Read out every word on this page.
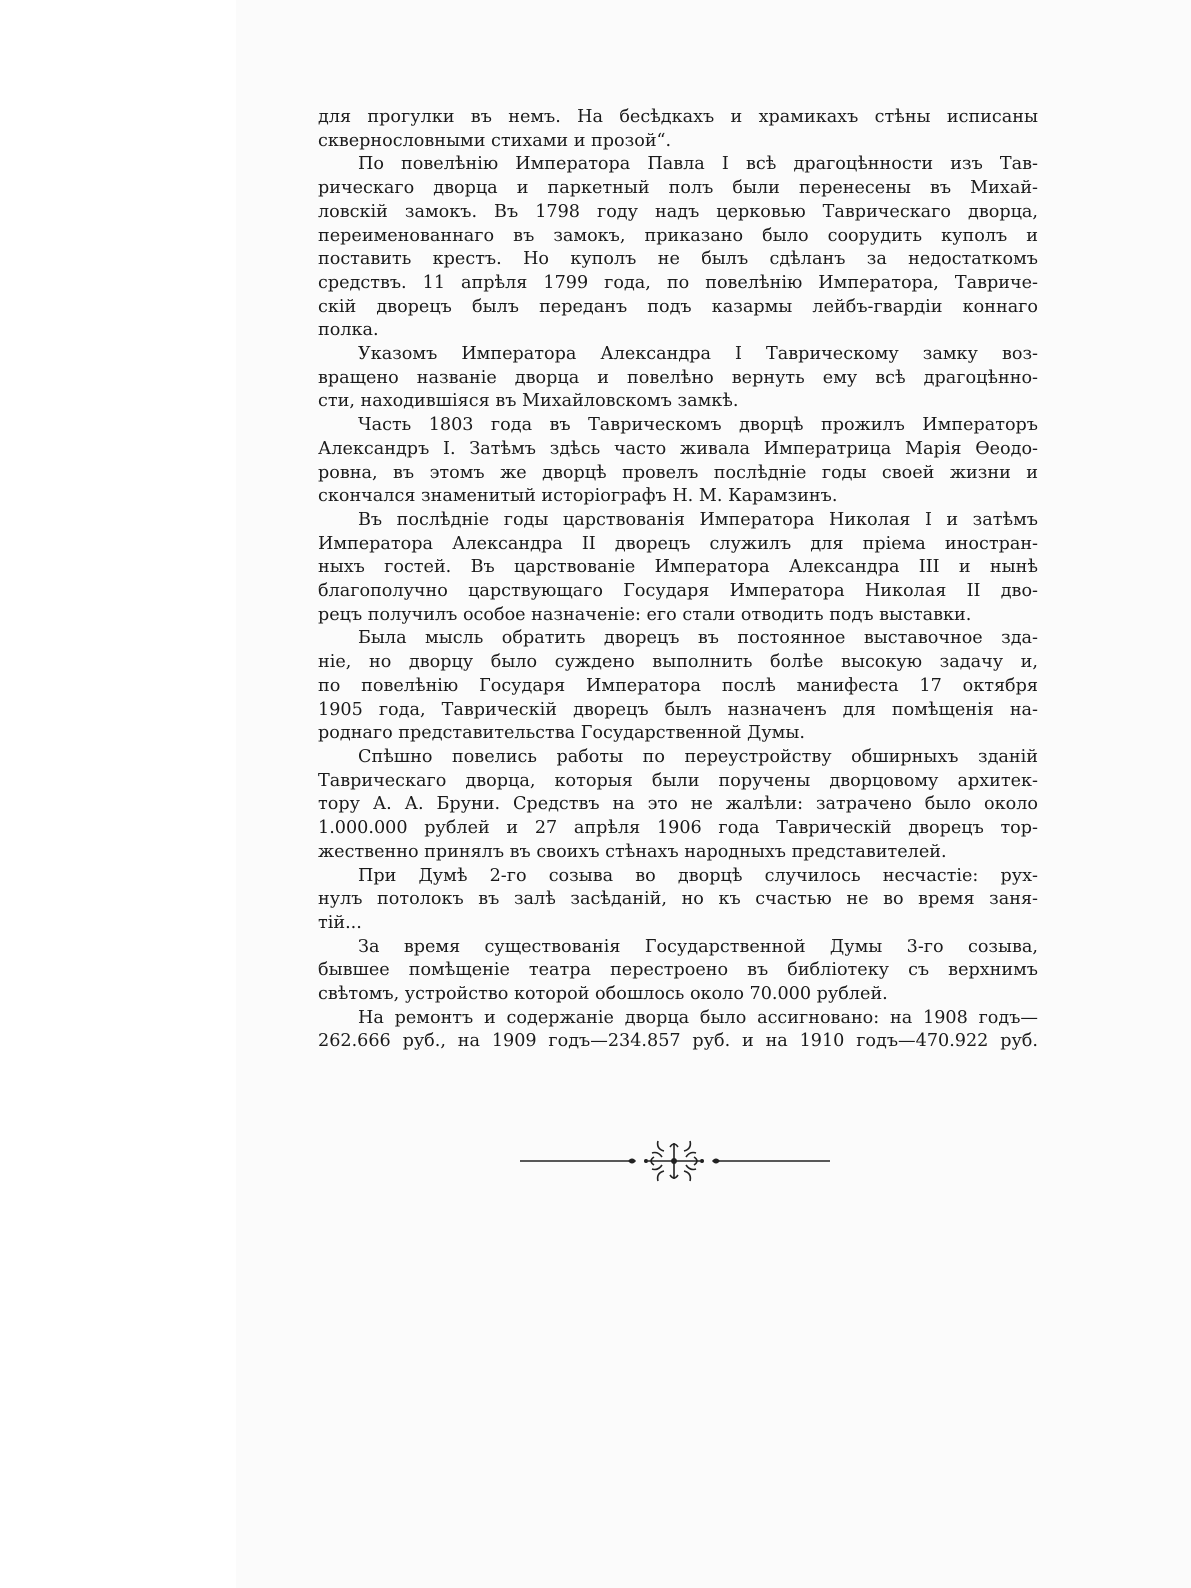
для прогулки въ немъ. На бесѣдкахъ и храмикахъ стѣны исписаны
сквернословными стихами и прозой“.
По повелѣнію Императора Павла I всѣ драгоцѣнности изъ Тав-
рическаго дворца и паркетный полъ были перенесены въ Михай-
ловскій замокъ. Въ 1798 году надъ церковью Таврическаго дворца,
переименованнаго въ замокъ, приказано было соорудить куполъ и
поставить крестъ. Но куполъ не былъ сдѣланъ за недостаткомъ
средствъ. 11 апрѣля 1799 года, по повелѣнію Императора, Тавриче-
скій дворецъ былъ переданъ подъ казармы лейбъ-гвардіи коннаго
полка.
Указомъ Императора Александра I Таврическому замку воз-
вращено названіе дворца и повелѣно вернуть ему всѣ драгоцѣнно-
сти, находившіяся въ Михайловскомъ замкѣ.
Часть 1803 года въ Таврическомъ дворцѣ прожилъ Императоръ
Александръ I. Затѣмъ здѣсь часто живала Императрица Марія Ѳеодо-
ровна, въ этомъ же дворцѣ провелъ послѣдніе годы своей жизни и
скончался знаменитый исторіографъ Н. М. Карамзинъ.
Въ послѣдніе годы царствованія Императора Николая I и затѣмъ
Императора Александра II дворецъ служилъ для пріема иностран-
ныхъ гостей. Въ царствованіе Императора Александра III и нынѣ
благополучно царствующаго Государя Императора Николая II дво-
рецъ получилъ особое назначеніе: его стали отводить подъ выставки.
Была мысль обратить дворецъ въ постоянное выставочное зда-
ніе, но дворцу было суждено выполнить болѣе высокую задачу и,
по повелѣнію Государя Императора послѣ манифеста 17 октября
1905 года, Таврическій дворецъ былъ назначенъ для помѣщенія на-
роднаго представительства Государственной Думы.
Спѣшно повелись работы по переустройству обширныхъ зданій
Таврическаго дворца, которыя были поручены дворцовому архитек-
тору А. А. Бруни. Средствъ на это не жалѣли: затрачено было около
1.000.000 рублей и 27 апрѣля 1906 года Таврическій дворецъ тор-
жественно принялъ въ своихъ стѣнахъ народныхъ представителей.
При Думѣ 2-го созыва во дворцѣ случилось несчастіе: рух-
нулъ потолокъ въ залѣ засѣданій, но къ счастью не во время заня-
тій...
За время существованія Государственной Думы 3-го созыва,
бывшее помѣщеніе театра перестроено въ библіотеку съ верхнимъ
свѣтомъ, устройство которой обошлось около 70.000 рублей.
На ремонтъ и содержаніе дворца было ассигновано: на 1908 годъ—
262.666 руб., на 1909 годъ—234.857 руб. и на 1910 годъ—470.922 руб.
